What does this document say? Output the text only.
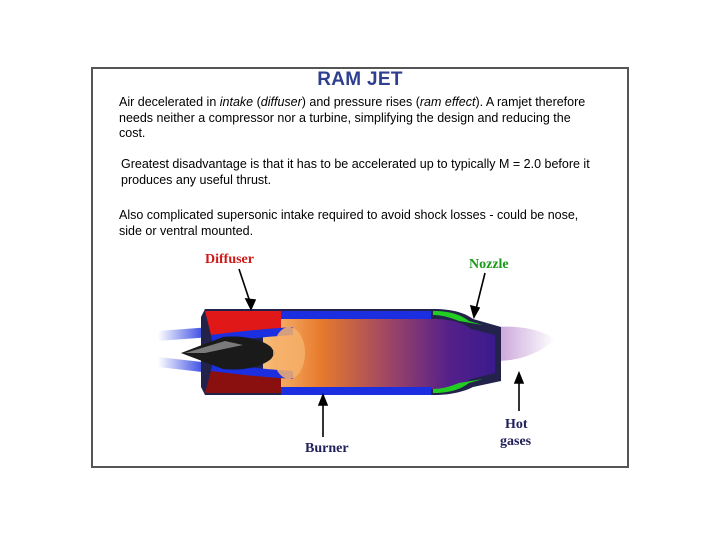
RAM JET
Air decelerated in intake (diffuser) and pressure rises (ram effect). A ramjet therefore needs neither a compressor nor a turbine, simplifying the design and reducing the cost.
Greatest disadvantage is that it has to be accelerated up to typically M = 2.0 before it produces any useful thrust.
Also complicated supersonic intake required to avoid shock losses - could be nose, side or ventral mounted.
Diffuser	Nozzle
Burner
Hot
gases
